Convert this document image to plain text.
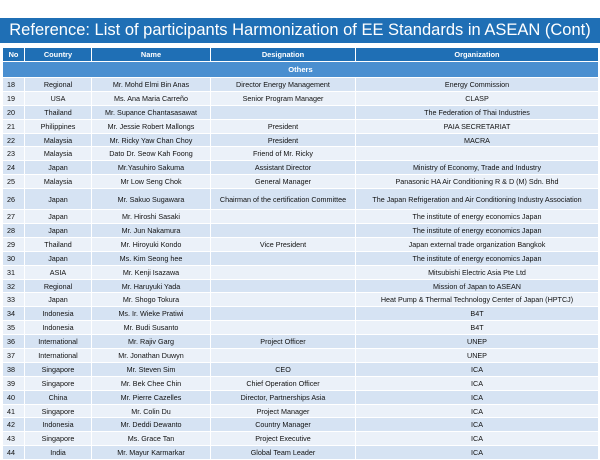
Reference: List of participants Harmonization of EE Standards in ASEAN (Cont)
No	Country	Name	Designation	Organization
Others				
18	Regional	Mr. Mohd Elmi Bin Anas	Director Energy Management	Energy Commission
19	USA	Ms. Ana Maria Carreño	Senior Program Manager	CLASP
20	Thailand	Mr. Supance Chantasasawat		The Federation of Thai Industries
21	Philippines	Mr. Jessie Robert Mallongs	President	PAIA SECRETARIAT
22	Malaysia	Mr. Ricky Yaw Chan Choy	President	MACRA
23	Malaysia	Dato Dr. Seow Kah Foong	Friend of Mr. Ricky	
24	Japan	Mr.Yasuhiro Sakuma	Assistant Director	Ministry of Economy, Trade and Industry
25	Malaysia	Mr Low Seng Chok	General Manager	Panasonic HA Air Conditioning R & D (M) Sdn. Bhd
26	Japan	Mr. Sakuo Sugawara	Chairman of the certification Committee	The Japan Refrigeration and Air Conditioning Industry Association
27	Japan	Mr. Hiroshi Sasaki		The institute of energy economics Japan
28	Japan	Mr. Jun Nakamura		The institute of energy economics Japan
29	Thailand	Mr. Hiroyuki Kondo	Vice President	Japan external trade organization Bangkok
30	Japan	Ms. Kim Seong hee		The institute of energy economics Japan
31	ASIA	Mr. Kenji Isazawa		Mitsubishi Electric Asia Pte Ltd
32	Regional	Mr. Haruyuki Yada		Mission of Japan to ASEAN
33	Japan	Mr. Shogo Tokura		Heat Pump & Thermal Technology Center of Japan (HPTCJ)
34	Indonesia	Ms. Ir. Wieke Pratiwi		B4T
35	Indonesia	Mr. Budi Susanto		B4T
36	International	Mr. Rajiv Garg	Project Officer	UNEP
37	International	Mr. Jonathan Duwyn		UNEP
38	Singapore	Mr. Steven Sim	CEO	ICA
39	Singapore	Mr. Bek Chee Chin	Chief Operation Officer	ICA
40	China	Mr. Pierre Cazelles	Director, Partnerships Asia	ICA
41	Singapore	Mr. Colin Du	Project Manager	ICA
42	Indonesia	Mr. Deddi Dewanto	Country Manager	ICA
43	Singapore	Ms. Grace Tan	Project Executive	ICA
44	India	Mr. Mayur Karmarkar	Global Team Leader	ICA
